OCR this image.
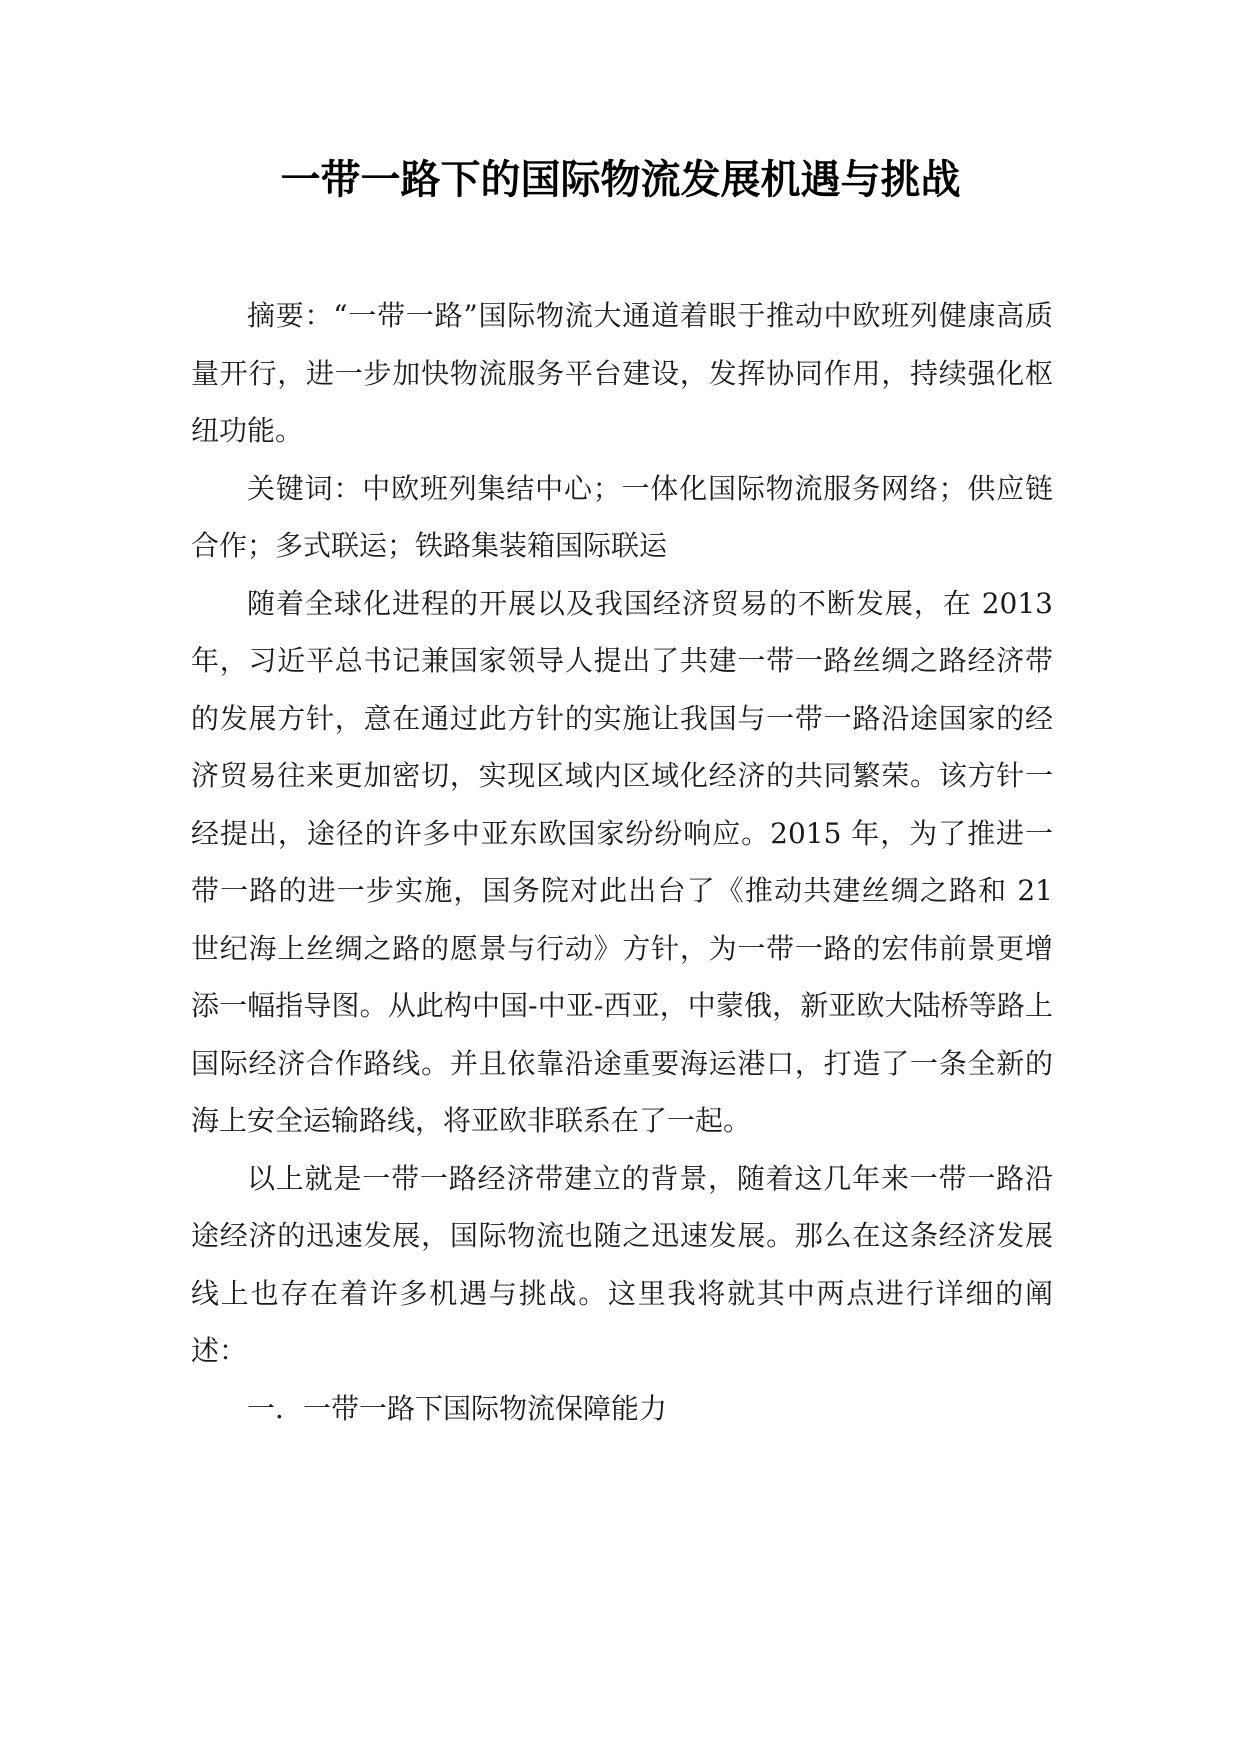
一带一路下的国际物流发展机遇与挑战

摘要：“一带一路”国际物流大通道着眼于推动中欧班列健康高质量开行，进一步加快物流服务平台建设，发挥协同作用，持续强化枢纽功能。

关键词：中欧班列集结中心；一体化国际物流服务网络；供应链合作；多式联运；铁路集装箱国际联运

随着全球化进程的开展以及我国经济贸易的不断发展，在 2013 年，习近平总书记兼国家领导人提出了共建一带一路丝绸之路经济带的发展方针，意在通过此方针的实施让我国与一带一路沿途国家的经济贸易往来更加密切，实现区域内区域化经济的共同繁荣。该方针一经提出，途径的许多中亚东欧国家纷纷响应。2015 年，为了推进一带一路的进一步实施，国务院对此出台了《推动共建丝绸之路和 21 世纪海上丝绸之路的愿景与行动》方针，为一带一路的宏伟前景更增添一幅指导图。从此构中国-中亚-西亚，中蒙俄，新亚欧大陆桥等路上国际经济合作路线。并且依靠沿途重要海运港口，打造了一条全新的海上安全运输路线，将亚欧非联系在了一起。

以上就是一带一路经济带建立的背景，随着这几年来一带一路沿途经济的迅速发展，国际物流也随之迅速发展。那么在这条经济发展线上也存在着许多机遇与挑战。这里我将就其中两点进行详细的阐述：

一．一带一路下国际物流保障能力
